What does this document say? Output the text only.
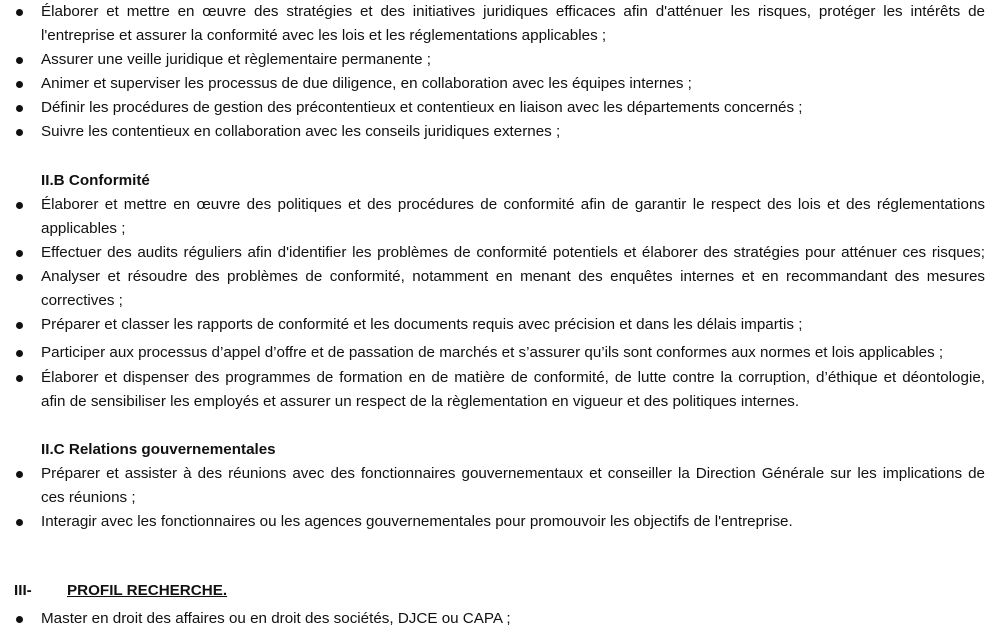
Élaborer et mettre en œuvre des stratégies et des initiatives juridiques efficaces afin d'atténuer les risques, protéger les intérêts de
l'entreprise et assurer la conformité avec les lois et les réglementations applicables ;
Assurer une veille juridique et règlementaire permanente ;
Animer et superviser les processus de due diligence, en collaboration avec les équipes internes ;
Définir les procédures de gestion des précontentieux et contentieux en liaison avec les départements concernés ;
Suivre les contentieux en collaboration avec les conseils juridiques externes ;
II.B Conformité
Élaborer et mettre en œuvre des politiques et des procédures de conformité afin de garantir le respect des lois et des réglementations
applicables ;
Effectuer des audits réguliers afin d'identifier les problèmes de conformité potentiels et élaborer des stratégies pour atténuer ces risques;
Analyser et résoudre des problèmes de conformité, notamment en menant des enquêtes internes et en recommandant des mesures
correctives ;
Préparer et classer les rapports de conformité et les documents requis avec précision et dans les délais impartis ;
Participer aux processus d’appel d’offre et de passation de marchés et s’assurer qu’ils sont conformes aux normes et lois applicables ;
Élaborer et dispenser des programmes de formation en de matière de conformité, de lutte contre la corruption, d’éthique et déontologie,
afin de sensibiliser les employés et assurer un respect de la règlementation en vigueur et des politiques internes.
II.C Relations gouvernementales
Préparer et assister à des réunions avec des fonctionnaires gouvernementaux et conseiller la Direction Générale sur les implications de
ces réunions ;
Interagir avec les fonctionnaires ou les agences gouvernementales pour promouvoir les objectifs de l'entreprise.
III- PROFIL RECHERCHE.
Master en droit des affaires ou en droit des sociétés, DJCE ou CAPA ;
